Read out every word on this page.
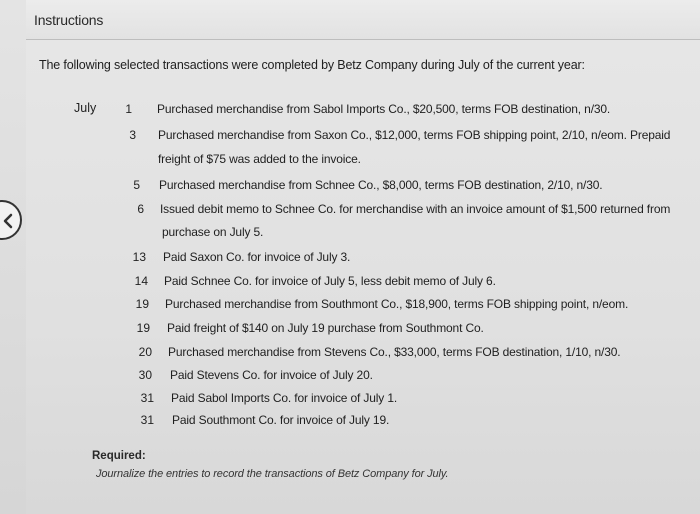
Instructions
The following selected transactions were completed by Betz Company during July of the current year:
July	1 Purchased merchandise from Sabol Imports Co., $20,500, terms FOB destination, n/30.
3 Purchased merchandise from Saxon Co., $12,000, terms FOB shipping point, 2/10, n/eom. Prepaid
freight of $75 was added to the invoice.
5 Purchased merchandise from Schnee Co., $8,000, terms FOB destination, 2/10, n/30.
6 Issued debit memo to Schnee Co. for merchandise with an invoice amount of $1,500 returned from
purchase on July 5.
13 Paid Saxon Co. for invoice of July 3.
14 Paid Schnee Co. for invoice of July 5, less debit memo of July 6.
19 Purchased merchandise from Southmont Co., $18,900, terms FOB shipping point, n/eom.
19 Paid freight of $140 on July 19 purchase from Southmont Co.
20 Purchased merchandise from Stevens Co., $33,000, terms FOB destination, 1/10, n/30.
30 Paid Stevens Co. for invoice of July 20.
31 Paid Sabol Imports Co. for invoice of July 1.
31 Paid Southmont Co. for invoice of July 19.
Required:
Journalize the entries to record the transactions of Betz Company for July.
